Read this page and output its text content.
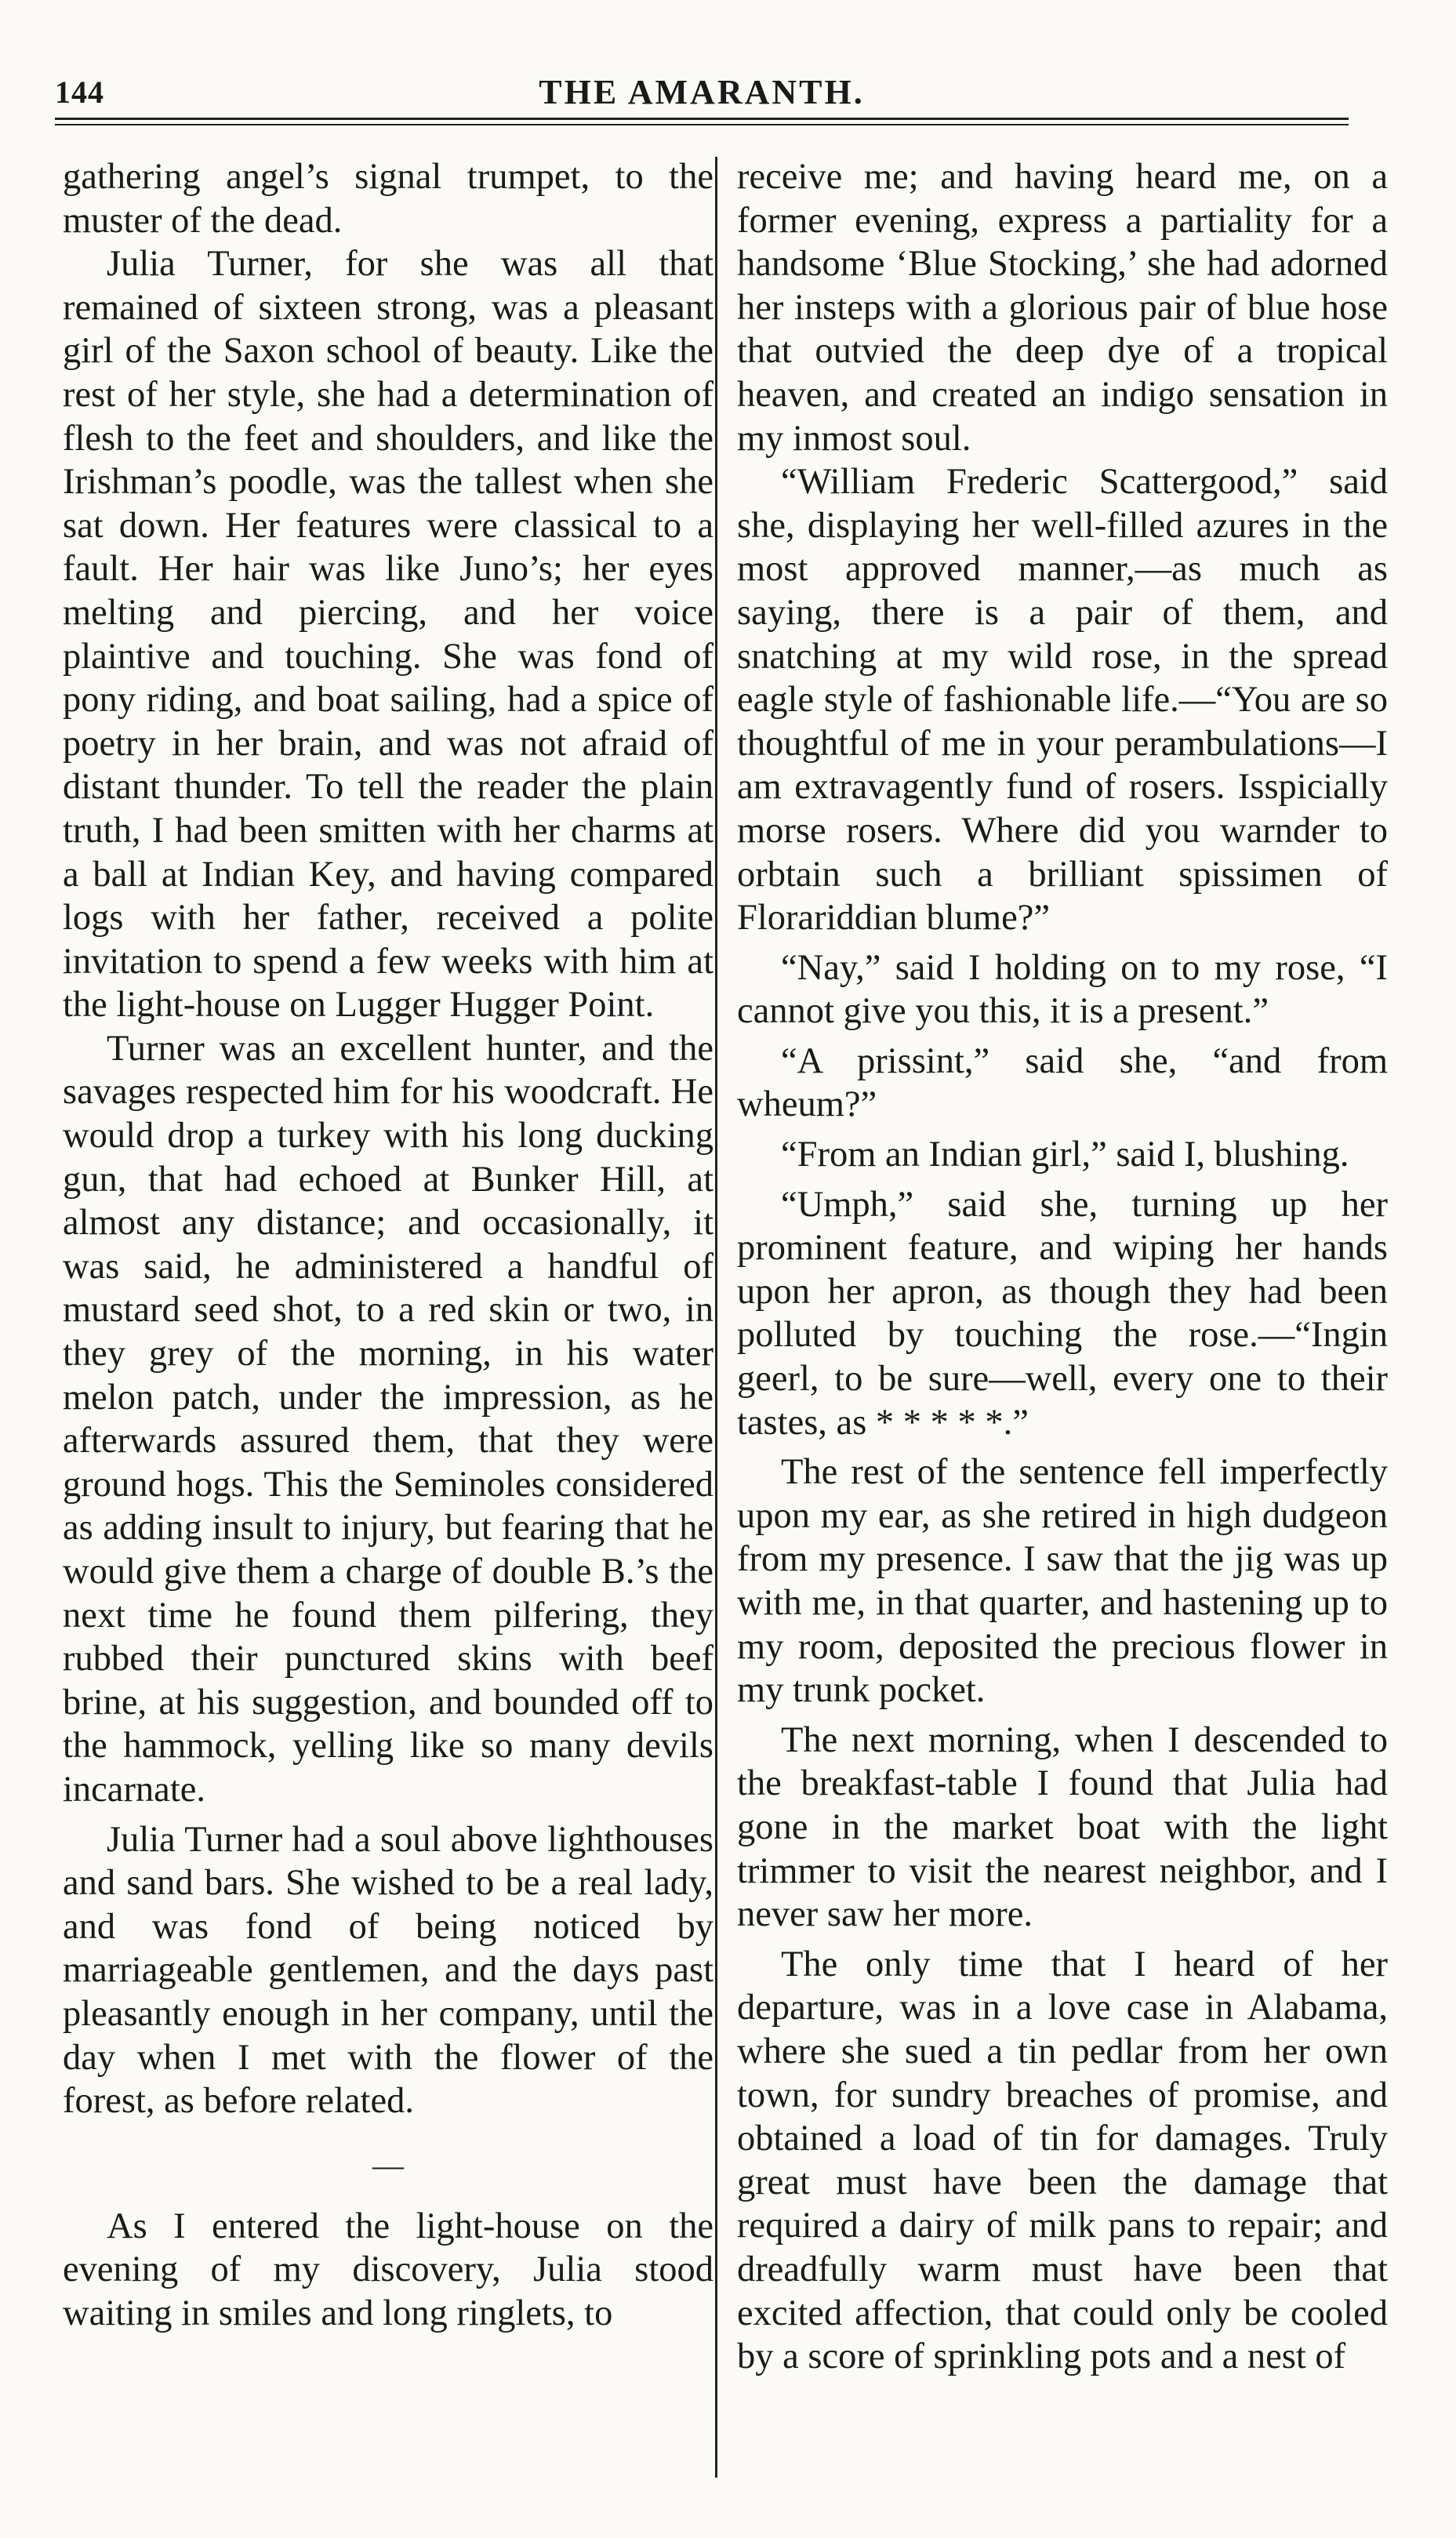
144	THE AMARANTH.

gathering angel’s signal trumpet, to the muster of the dead.

Julia Turner, for she was all that remained of sixteen strong, was a pleasant girl of the Saxon school of beauty. Like the rest of her style, she had a determination of flesh to the feet and shoulders, and like the Irishman’s poodle, was the tallest when she sat down. Her features were classical to a fault. Her hair was like Juno’s; her eyes melting and piercing, and her voice plaintive and touching. She was fond of pony riding, and boat sailing, had a spice of poetry in her brain, and was not afraid of distant thunder. To tell the reader the plain truth, I had been smitten with her charms at a ball at Indian Key, and having compared logs with her father, received a polite invitation to spend a few weeks with him at the light-house on Lugger Hugger Point.

Turner was an excellent hunter, and the savages respected him for his woodcraft. He would drop a turkey with his long ducking gun, that had echoed at Bunker Hill, at almost any distance; and occasionally, it was said, he administered a handful of mustard seed shot, to a red skin or two, in they grey of the morning, in his water melon patch, under the impression, as he afterwards assured them, that they were ground hogs. This the Seminoles considered as adding insult to injury, but fearing that he would give them a charge of double B.’s the next time he found them pilfering, they rubbed their punctured skins with beef brine, at his suggestion, and bounded off to the hammock, yelling like so many devils incarnate.

Julia Turner had a soul above lighthouses and sand bars. She wished to be a real lady, and was fond of being noticed by marriageable gentlemen, and the days past pleasantly enough in her company, until the day when I met with the flower of the forest, as before related.

—

As I entered the light-house on the evening of my discovery, Julia stood waiting in smiles and long ringlets, to

receive me; and having heard me, on a former evening, express a partiality for a handsome ‘Blue Stocking,’ she had adorned her insteps with a glorious pair of blue hose that outvied the deep dye of a tropical heaven, and created an indigo sensation in my inmost soul.

“William Frederic Scattergood,” said she, displaying her well-filled azures in the most approved manner,—as much as saying, there is a pair of them, and snatching at my wild rose, in the spread eagle style of fashionable life.—“You are so thoughtful of me in your perambulations—I am extravagently fund of rosers. Isspicially morse rosers. Where did you warnder to orbtain such a brilliant spissimen of Florariddian blume?”

“Nay,” said I holding on to my rose, “I cannot give you this, it is a present.”

“A prissint,” said she, “and from wheum?”

“From an Indian girl,” said I, blushing.

“Umph,” said she, turning up her prominent feature, and wiping her hands upon her apron, as though they had been polluted by touching the rose.—“Ingin geerl, to be sure—well, every one to their tastes, as * * * * *.”

The rest of the sentence fell imperfectly upon my ear, as she retired in high dudgeon from my presence. I saw that the jig was up with me, in that quarter, and hastening up to my room, deposited the precious flower in my trunk pocket.

The next morning, when I descended to the breakfast-table I found that Julia had gone in the market boat with the light trimmer to visit the nearest neighbor, and I never saw her more.

The only time that I heard of her departure, was in a love case in Alabama, where she sued a tin pedlar from her own town, for sundry breaches of promise, and obtained a load of tin for damages. Truly great must have been the damage that required a dairy of milk pans to repair; and dreadfully warm must have been that excited affection, that could only be cooled by a score of sprinkling pots and a nest of
